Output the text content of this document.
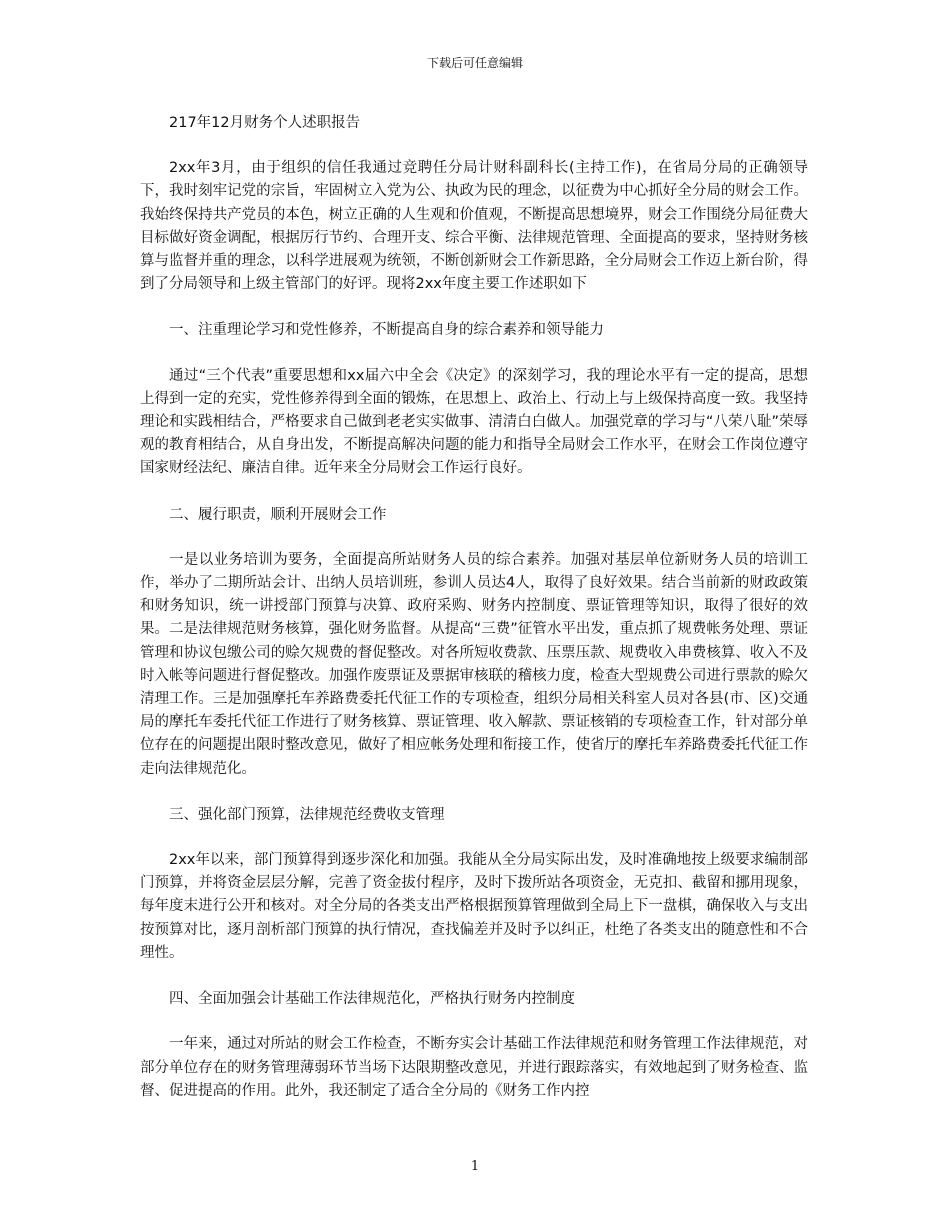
下载后可任意编辑

217年12月财务个人述职报告

2xx年3月，由于组织的信任我通过竞聘任分局计财科副科长(主持工作)，在省局分局的正确领导下，我时刻牢记党的宗旨，牢固树立入党为公、执政为民的理念，以征费为中心抓好全分局的财会工作。我始终保持共产党员的本色，树立正确的人生观和价值观，不断提高思想境界，财会工作围绕分局征费大目标做好资金调配，根据厉行节约、合理开支、综合平衡、法律规范管理、全面提高的要求，坚持财务核算与监督并重的理念，以科学进展观为统领，不断创新财会工作新思路，全分局财会工作迈上新台阶，得到了分局领导和上级主管部门的好评。现将2xx年度主要工作述职如下

一、注重理论学习和党性修养，不断提高自身的综合素养和领导能力

通过“三个代表”重要思想和xx届六中全会《决定》的深刻学习，我的理论水平有一定的提高，思想上得到一定的充实，党性修养得到全面的锻炼，在思想上、政治上、行动上与上级保持高度一致。我坚持理论和实践相结合，严格要求自己做到老老实实做事、清清白白做人。加强党章的学习与“八荣八耻”荣辱观的教育相结合，从自身出发，不断提高解决问题的能力和指导全局财会工作水平，在财会工作岗位遵守国家财经法纪、廉洁自律。近年来全分局财会工作运行良好。

二、履行职责，顺利开展财会工作

一是以业务培训为要务，全面提高所站财务人员的综合素养。加强对基层单位新财务人员的培训工作，举办了二期所站会计、出纳人员培训班，参训人员达4人，取得了良好效果。结合当前新的财政政策和财务知识，统一讲授部门预算与决算、政府采购、财务内控制度、票证管理等知识，取得了很好的效果。二是法律规范财务核算，强化财务监督。从提高“三费”征管水平出发，重点抓了规费帐务处理、票证管理和协议包缴公司的赊欠规费的督促整改。对各所短收费款、压票压款、规费收入串费核算、收入不及时入帐等问题进行督促整改。加强作废票证及票据审核联的稽核力度，检查大型规费公司进行票款的赊欠清理工作。三是加强摩托车养路费委托代征工作的专项检查，组织分局相关科室人员对各县(市、区)交通局的摩托车委托代征工作进行了财务核算、票证管理、收入解款、票证核销的专项检查工作，针对部分单位存在的问题提出限时整改意见，做好了相应帐务处理和衔接工作，使省厅的摩托车养路费委托代征工作走向法律规范化。

三、强化部门预算，法律规范经费收支管理

2xx年以来，部门预算得到逐步深化和加强。我能从全分局实际出发，及时准确地按上级要求编制部门预算，并将资金层层分解，完善了资金拔付程序，及时下拨所站各项资金，无克扣、截留和挪用现象，每年度末进行公开和核对。对全分局的各类支出严格根据预算管理做到全局上下一盘棋，确保收入与支出按预算对比，逐月剖析部门预算的执行情况，查找偏差并及时予以纠正，杜绝了各类支出的随意性和不合理性。

四、全面加强会计基础工作法律规范化，严格执行财务内控制度

一年来，通过对所站的财会工作检查，不断夯实会计基础工作法律规范和财务管理工作法律规范，对部分单位存在的财务管理薄弱环节当场下达限期整改意见，并进行跟踪落实，有效地起到了财务检查、监督、促进提高的作用。此外，我还制定了适合全分局的《财务工作内控

1
